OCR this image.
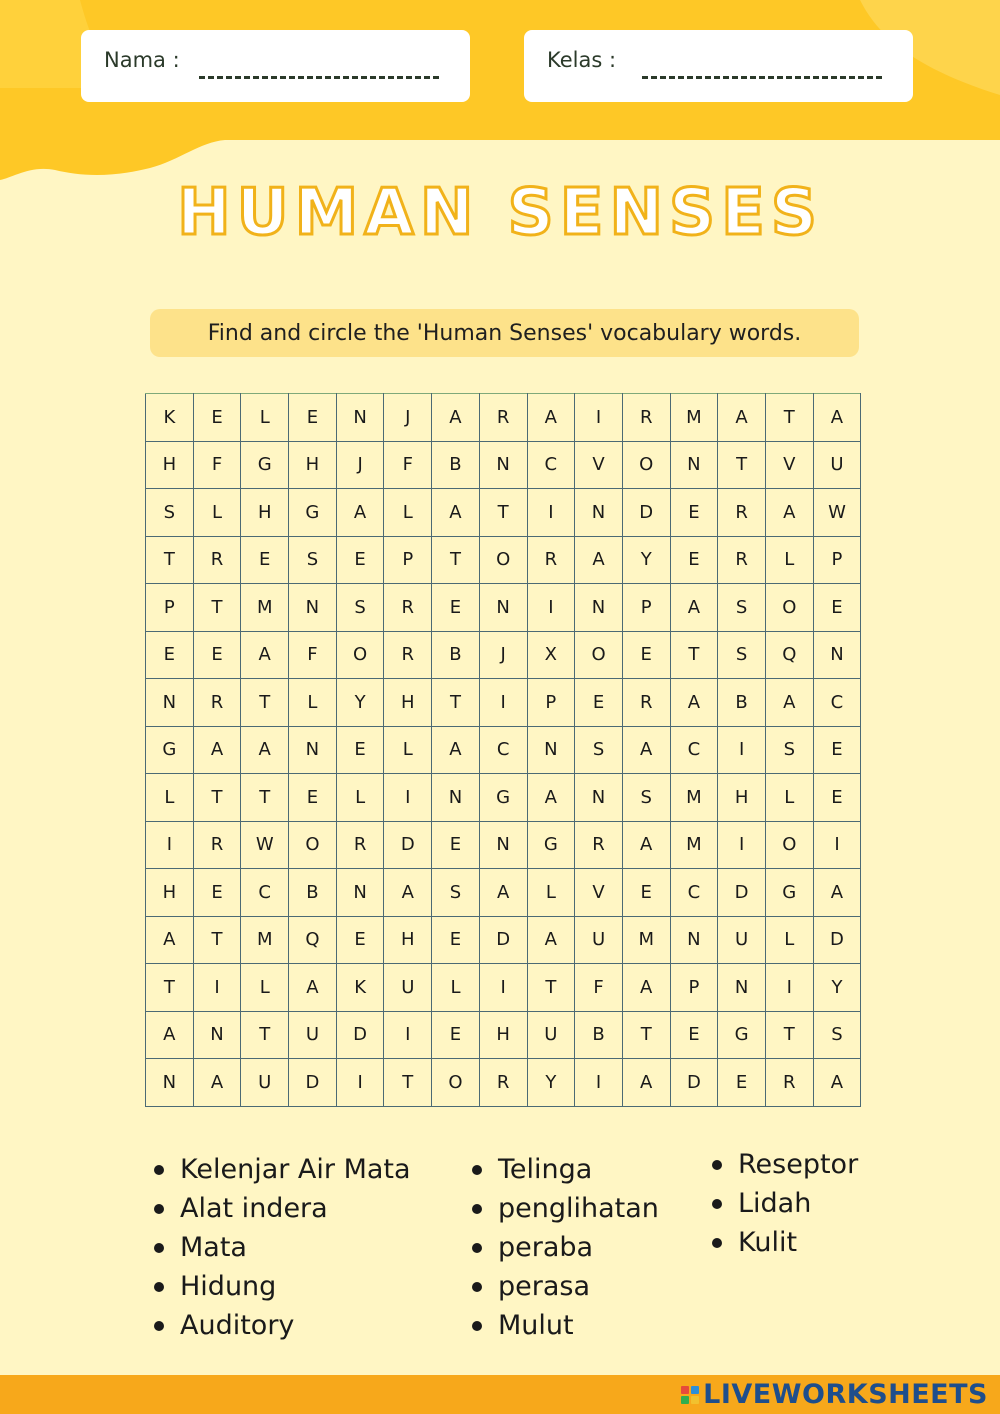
Nama :	Kelas :
HUMAN SENSES
Find and circle the 'Human Senses' vocabulary words.
K	E	L	E	N	J	A	R	A	I	R	M	A	T	A
H	F	G	H	J	F	B	N	C	V	O	N	T	V	U
S	L	H	G	A	L	A	T	I	N	D	E	R	A	W
T	R	E	S	E	P	T	O	R	A	Y	E	R	L	P
P	T	M	N	S	R	E	N	I	N	P	A	S	O	E
E	E	A	F	O	R	B	J	X	O	E	T	S	Q	N
N	R	T	L	Y	H	T	I	P	E	R	A	B	A	C
G	A	A	N	E	L	A	C	N	S	A	C	I	S	E
L	T	T	E	L	I	N	G	A	N	S	M	H	L	E
I	R	W	O	R	D	E	N	G	R	A	M	I	O	I
H	E	C	B	N	A	S	A	L	V	E	C	D	G	A
A	T	M	Q	E	H	E	D	A	U	M	N	U	L	D
T	I	L	A	K	U	L	I	T	F	A	P	N	I	Y
A	N	T	U	D	I	E	H	U	B	T	E	G	T	S
N	A	U	D	I	T	O	R	Y	I	A	D	E	R	A
Kelenjar Air Mata
Alat indera
Mata
Hidung
Auditory
Telinga
penglihatan
peraba
perasa
Mulut
Reseptor
Lidah
Kulit
LIVEWORKSHEETS
